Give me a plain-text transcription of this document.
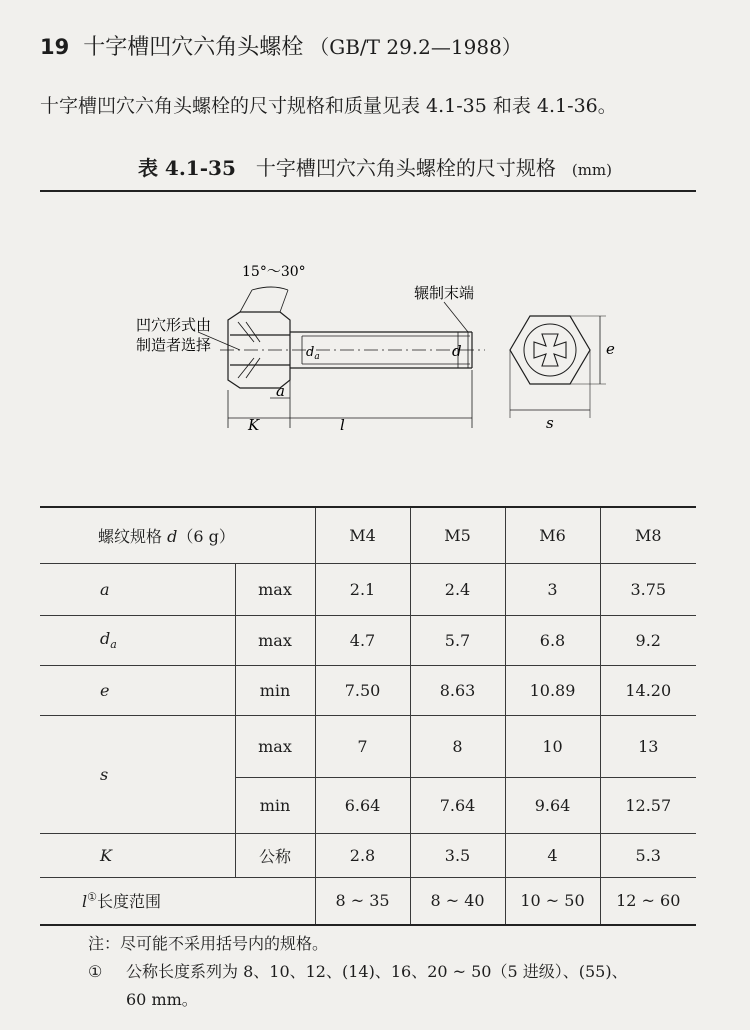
19 十字槽凹穴六角头螺栓 （GB/T 29.2—1988）
十字槽凹穴六角头螺栓的尺寸规格和质量见表 4.1-35 和表 4.1-36。
表 4.1-35 十字槽凹穴六角头螺栓的尺寸规格 (mm)
15°～30°
凹穴形式由
制造者选择
辗制末端
$d_a$	d	e
s
a
K	l
螺纹规格 d（6 g）		M4	M5	M6	M8
a	max	2.1	2.4	3	3.75
$d_a$	max	4.7	5.7	6.8	9.2
e	min	7.50	8.63	10.89	14.20
s	max	7	8	10	13
	min	6.64	7.64	9.64	12.57
K	公称	2.8	3.5	4	5.3
l①长度范围		8 ~ 35	8 ~ 40	10 ~ 50	12 ~ 60
注：尽可能不采用括号内的规格。
① 公称长度系列为 8、10、12、(14)、16、20 ~ 50（5 进级）、(55)、
60 mm。
